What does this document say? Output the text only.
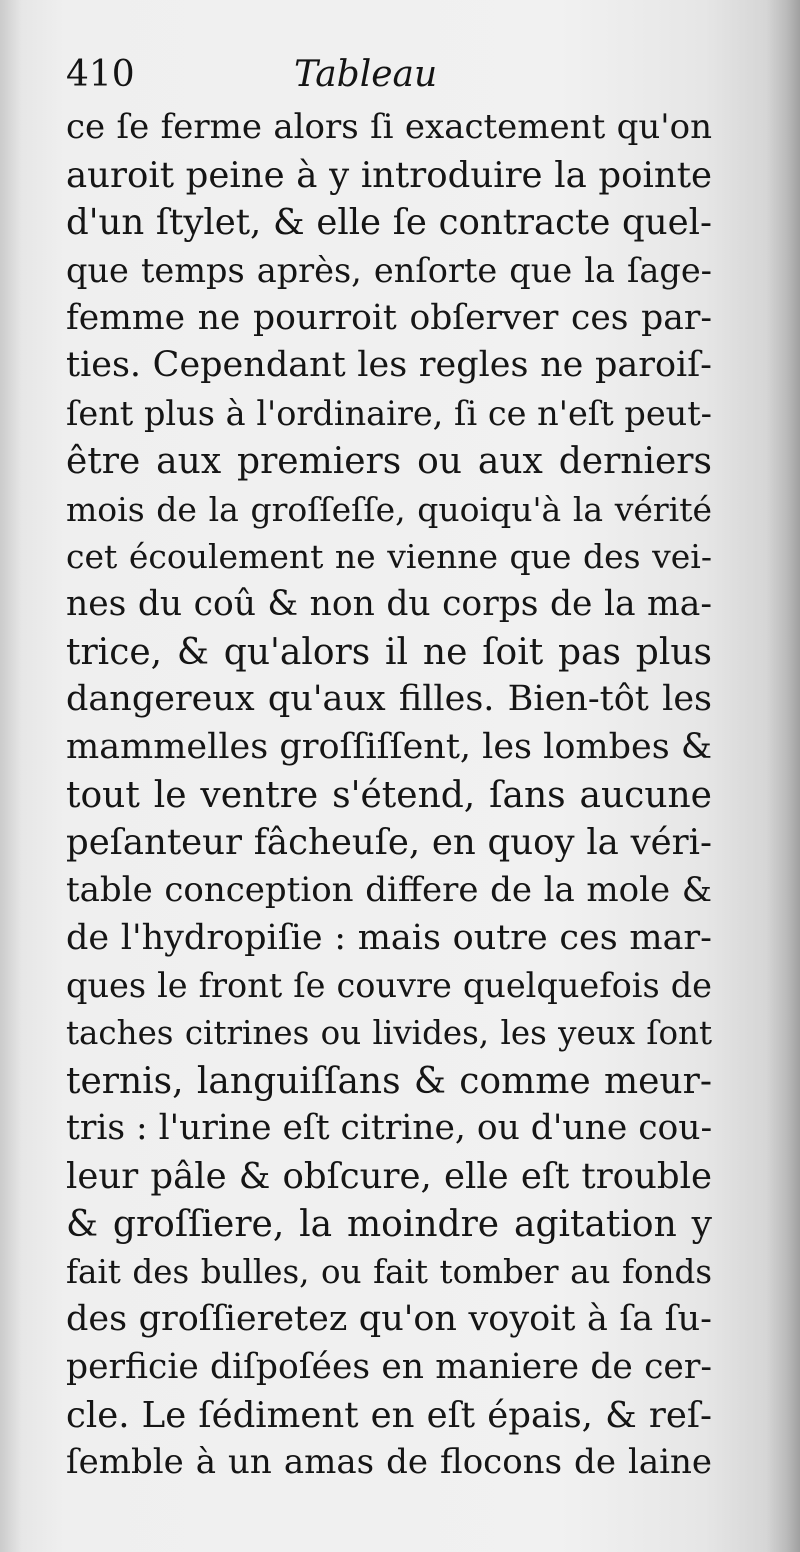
410	Tableau
ce ſe ferme alors ſi exactement qu'on
auroit peine à y introduire la pointe
d'un ſtylet, & elle ſe contracte quel-
que temps après, enſorte que la ſage-
femme ne pourroit obſerver ces par-
ties. Cependant les regles ne paroiſ-
ſent plus à l'ordinaire, ſi ce n'eſt peut-
être aux premiers ou aux derniers
mois de la groſſeſſe, quoiqu'à la vérité
cet écoulement ne vienne que des vei-
nes du coû & non du corps de la ma-
trice, & qu'alors il ne ſoit pas plus
dangereux qu'aux filles. Bien-tôt les
mammelles groſſiſſent, les lombes &
tout le ventre s'étend, ſans aucune
peſanteur fâcheuſe, en quoy la véri-
table conception differe de la mole &
de l'hydropiſie : mais outre ces mar-
ques le front ſe couvre quelquefois de
taches citrines ou livides, les yeux ſont
ternis, languiſſans & comme meur-
tris : l'urine eſt citrine, ou d'une cou-
leur pâle & obſcure, elle eſt trouble
& groſſiere, la moindre agitation y
fait des bulles, ou fait tomber au fonds
des groſſieretez qu'on voyoit à ſa ſu-
perficie diſpoſées en maniere de cer-
cle. Le ſédiment en eſt épais, & reſ-
ſemble à un amas de flocons de laine
